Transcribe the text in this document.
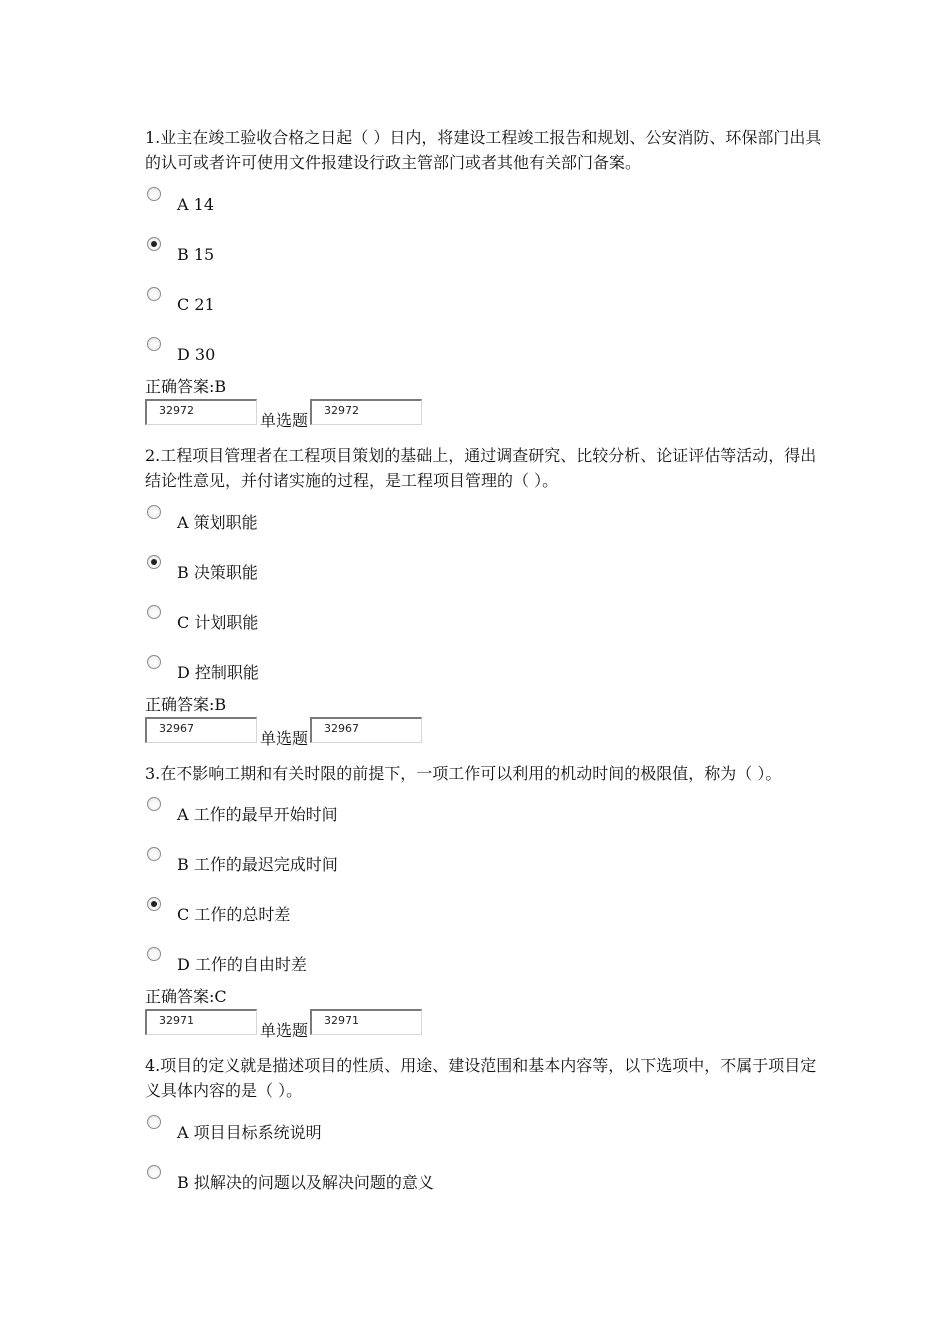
1.业主在竣工验收合格之日起（ ）日内，将建设工程竣工报告和规划、公安消防、环保部门出具的认可或者许可使用文件报建设行政主管部门或者其他有关部门备案。

A 14
B 15
C 21
D 30
正确答案:B
32972
单选题
32972

2.工程项目管理者在工程项目策划的基础上，通过调查研究、比较分析、论证评估等活动，得出结论性意见，并付诸实施的过程，是工程项目管理的（ ）。

A 策划职能
B 决策职能
C 计划职能
D 控制职能
正确答案:B
32967
单选题
32967

3.在不影响工期和有关时限的前提下，一项工作可以利用的机动时间的极限值，称为（ ）。

A 工作的最早开始时间
B 工作的最迟完成时间
C 工作的总时差
D 工作的自由时差
正确答案:C
32971
单选题
32971

4.项目的定义就是描述项目的性质、用途、建设范围和基本内容等，以下选项中，不属于项目定义具体内容的是（ ）。

A 项目目标系统说明
B 拟解决的问题以及解决问题的意义
